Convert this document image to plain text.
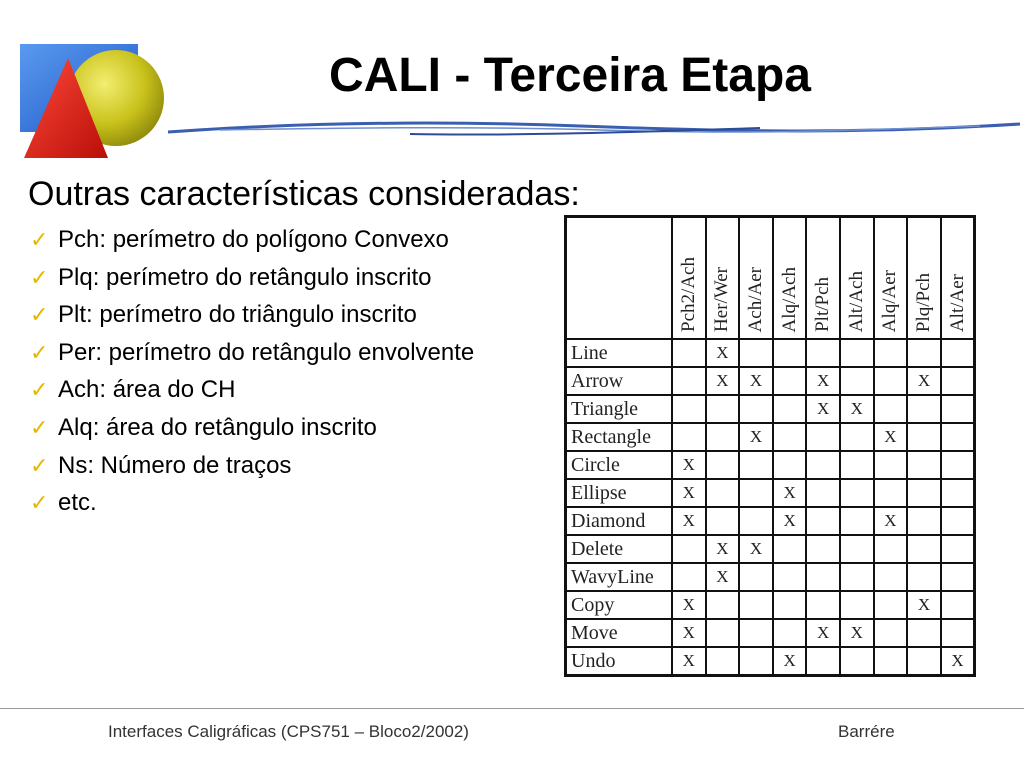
CALI - Terceira Etapa
Outras características consideradas:
✓ Pch: perímetro do polígono Convexo
✓ Plq: perímetro do retângulo inscrito
✓ Plt: perímetro do triângulo inscrito
✓ Per: perímetro do retângulo envolvente
✓ Ach: área do CH
✓ Alq: área do retângulo inscrito
✓ Ns: Número de traços
✓ etc.
	Pch2/Ach	Her/Wer	Ach/Aer	Alq/Ach	Plt/Pch	Alt/Ach	Alq/Aer	Plq/Pch	Alt/Aer
Line		X							
Arrow		X	X		X			X	
Triangle					X	X			
Rectangle			X				X		
Circle	X								
Ellipse	X			X					
Diamond	X			X			X		
Delete		X	X						
WavyLine		X							
Copy	X							X	
Move	X				X	X			
Undo	X			X					X
Interfaces Caligráficas (CPS751 – Bloco2/2002)	Barrére
